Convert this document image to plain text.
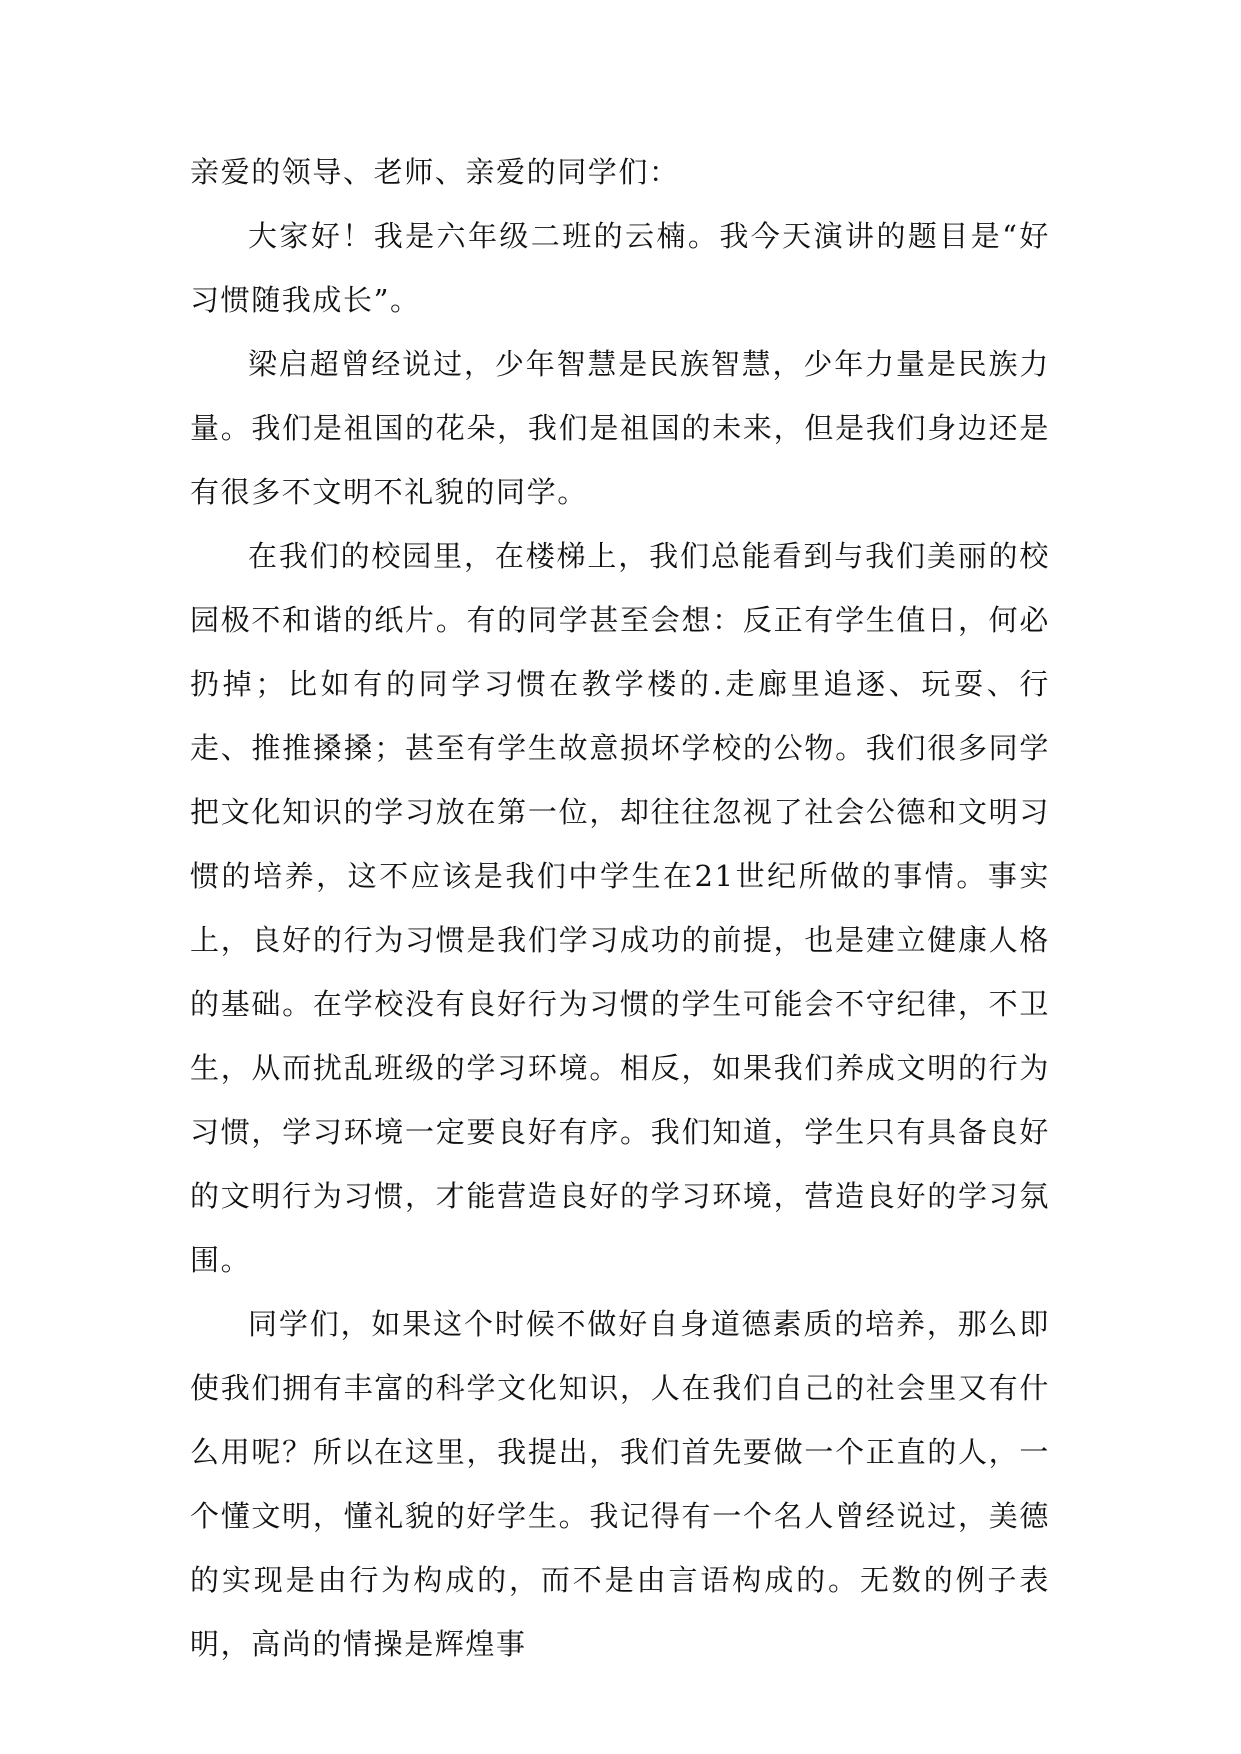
亲爱的领导、老师、亲爱的同学们：

大家好！我是六年级二班的云楠。我今天演讲的题目是“好习惯随我成长”。

梁启超曾经说过，少年智慧是民族智慧，少年力量是民族力量。我们是祖国的花朵，我们是祖国的未来，但是我们身边还是有很多不文明不礼貌的同学。

在我们的校园里，在楼梯上，我们总能看到与我们美丽的校园极不和谐的纸片。有的同学甚至会想：反正有学生值日，何必扔掉；比如有的同学习惯在教学楼的.走廊里追逐、玩耍、行走、推推搡搡；甚至有学生故意损坏学校的公物。我们很多同学把文化知识的学习放在第一位，却往往忽视了社会公德和文明习惯的培养，这不应该是我们中学生在21世纪所做的事情。事实上，良好的行为习惯是我们学习成功的前提，也是建立健康人格的基础。在学校没有良好行为习惯的学生可能会不守纪律，不卫生，从而扰乱班级的学习环境。相反，如果我们养成文明的行为习惯，学习环境一定要良好有序。我们知道，学生只有具备良好的文明行为习惯，才能营造良好的学习环境，营造良好的学习氛围。

同学们，如果这个时候不做好自身道德素质的培养，那么即使我们拥有丰富的科学文化知识，人在我们自己的社会里又有什么用呢？所以在这里，我提出，我们首先要做一个正直的人，一个懂文明，懂礼貌的好学生。我记得有一个名人曾经说过，美德的实现是由行为构成的，而不是由言语构成的。无数的例子表明，高尚的情操是辉煌事
